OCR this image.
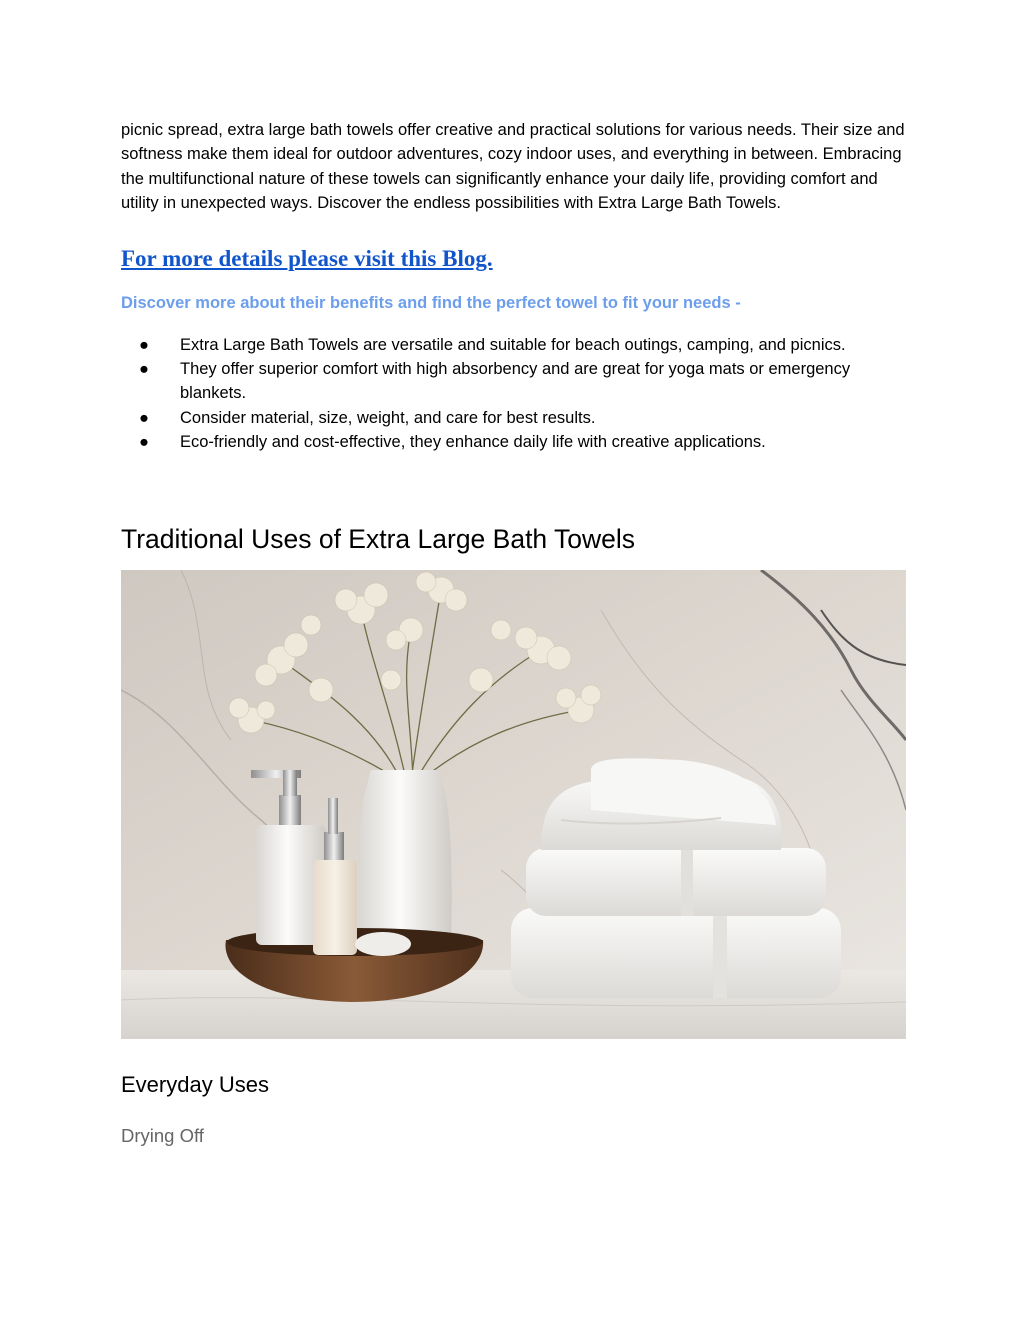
picnic spread, extra large bath towels offer creative and practical solutions for various needs. Their size and softness make them ideal for outdoor adventures, cozy indoor uses, and everything in between. Embracing the multifunctional nature of these towels can significantly enhance your daily life, providing comfort and utility in unexpected ways. Discover the endless possibilities with Extra Large Bath Towels.

For more details please visit this Blog.
Discover more about their benefits and find the perfect towel to fit your needs -
● Extra Large Bath Towels are versatile and suitable for beach outings, camping, and picnics.
● They offer superior comfort with high absorbency and are great for yoga mats or emergency blankets.
● Consider material, size, weight, and care for best results.
● Eco-friendly and cost-effective, they enhance daily life with creative applications.
Traditional Uses of Extra Large Bath Towels
Everyday Uses
Drying Off
